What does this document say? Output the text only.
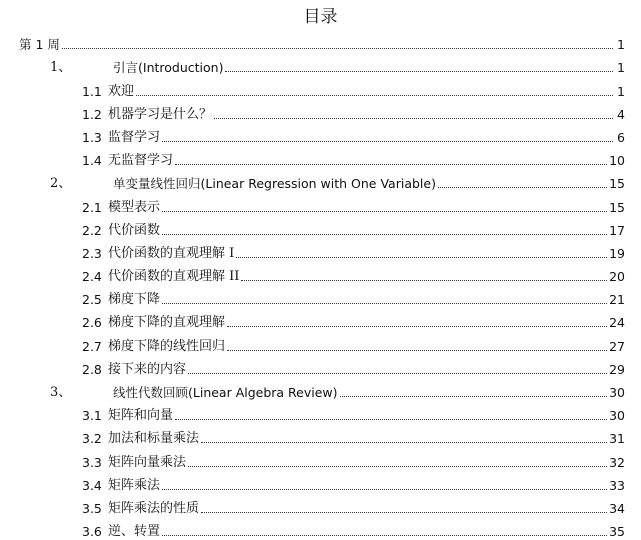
目录
第 1 周	1
1、	引言(Introduction)	1
1.1 欢迎	1
1.2 机器学习是什么？	4
1.3 监督学习	6
1.4 无监督学习	10
2、	单变量线性回归(Linear Regression with One Variable)	15
2.1 模型表示	15
2.2 代价函数	17
2.3 代价函数的直观理解 I	19
2.4 代价函数的直观理解 II	20
2.5 梯度下降	21
2.6 梯度下降的直观理解	24
2.7 梯度下降的线性回归	27
2.8 接下来的内容	29
3、	线性代数回顾(Linear Algebra Review)	30
3.1 矩阵和向量	30
3.2 加法和标量乘法	31
3.3 矩阵向量乘法	32
3.4 矩阵乘法	33
3.5 矩阵乘法的性质	34
3.6 逆、转置	35
